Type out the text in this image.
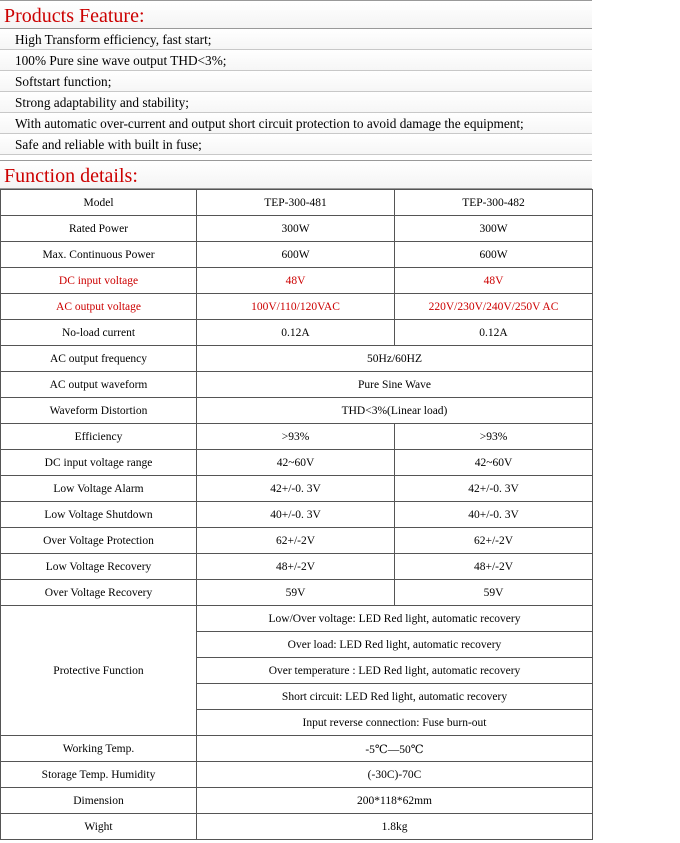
Products Feature:
High Transform efficiency, fast start;
100% Pure sine wave output THD<3%;
Softstart function;
Strong adaptability and stability;
With automatic over-current and output short circuit protection to avoid damage the equipment;
Safe and reliable with built in fuse;
Function details:
Model	TEP-300-481	TEP-300-482
Rated Power	300W	300W
Max. Continuous Power	600W	600W
DC input voltage	48V	48V
AC output voltage	100V/110/120VAC	220V/230V/240V/250V AC
No-load current	0.12A	0.12A
AC output frequency	50Hz/60HZ	
AC output waveform	Pure Sine Wave	
Waveform Distortion	THD<3%(Linear load)	
Efficiency	>93%	>93%
DC input voltage range	42~60V	42~60V
Low Voltage Alarm	42+/-0. 3V	42+/-0. 3V
Low Voltage Shutdown	40+/-0. 3V	40+/-0. 3V
Over Voltage Protection	62+/-2V	62+/-2V
Low Voltage Recovery	48+/-2V	48+/-2V
Over Voltage Recovery	59V	59V
Protective Function	Low/Over voltage: LED Red light, automatic recovery	
	Over load: LED Red light, automatic recovery	
	Over temperature : LED Red light, automatic recovery	
	Short circuit: LED Red light, automatic recovery	
	Input reverse connection: Fuse burn-out	
Working Temp.	-5℃—50℃	
Storage Temp. Humidity	(-30C)-70C	
Dimension	200*118*62mm	
Wight	1.8kg	
